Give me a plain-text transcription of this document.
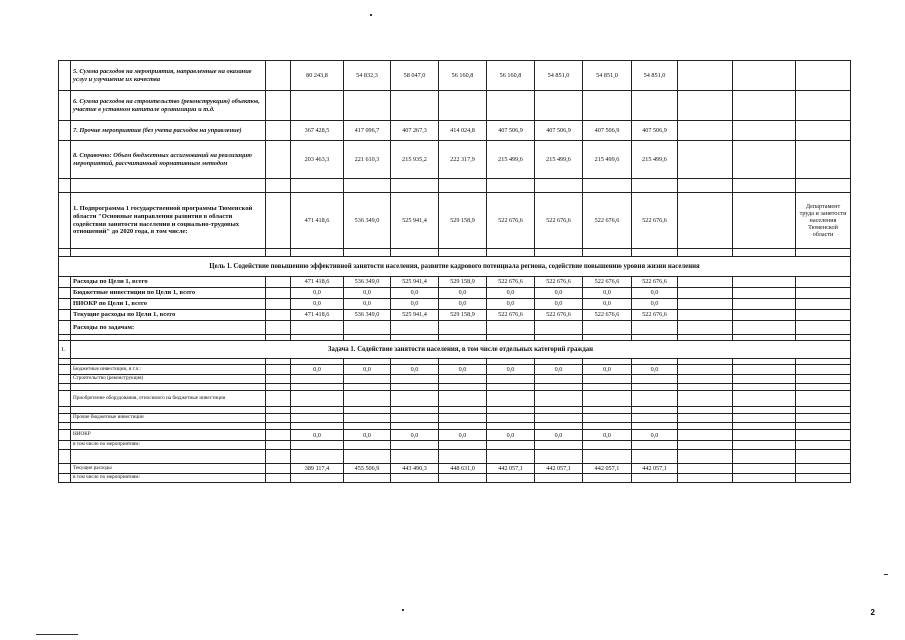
	5. Сумма расходов на мероприятия, направленные на оказание услуг и улучшение их качества		80 243,8	54 832,3	58 047,0	56 160,8	56 160,8	54 851,0	54 851,0	54 851,0			
	6. Сумма расходов на строительство (реконструкцию) объектов, участие в уставном капитале организации и т.д.												
	7. Прочие мероприятия (без учета расходов на управление)		367 428,5	417 096,7	407 267,3	414 024,8	407 506,9	407 506,9	407 506,9	407 506,9			
	8. Справочно: Объем бюджетных ассигнований на реализацию мероприятий, рассчитанный нормативным методом		203 463,3	221 610,3	215 935,2	222 317,9	215 499,6	215 499,6	215 499,6	215 499,6			

	1. Подпрограмма 1 государственной программы Тюменской области "Основные направления развития в области содействия занятости населения и социально-трудовых отношений" до 2020 года, в том числе:		471 418,6	536 349,0	525 941,4	529 158,9	522 676,6	522 676,6	522 676,6	522 676,6			Департамент труда и занятости населения Тюменской области

Цель 1. Содействие повышению эффективной занятости населения, развитие кадрового потенциала региона, содействие повышению уровня жизни населения													
	Расходы по Цели 1, всего		471 418,6	536 349,0	525 941,4	529 158,9	522 676,6	522 676,6	522 676,6	522 676,6			
	Бюджетные инвестиции по Цели 1, всего		0,0	0,0	0,0	0,0	0,0	0,0	0,0	0,0			
	НИОКР по Цели 1, всего		0,0	0,0	0,0	0,0	0,0	0,0	0,0	0,0			
	Текущие расходы по Цели 1, всего		471 418,6	536 349,0	525 941,4	529 158,9	522 676,6	522 676,6	522 676,6	522 676,6			
	Расходы по задачам:												

1.	Задача 1. Содействие занятости населения, в том числе отдельных категорий граждан												

	Бюджетные инвестиции, в т.ч.:		0,0	0,0	0,0	0,0	0,0	0,0	0,0	0,0			
	Строительство (реконструкция)												

	Приобретение оборудования, относимого на бюджетные инвестиции												

	Прочие бюджетные инвестиции												

	НИОКР		0,0	0,0	0,0	0,0	0,0	0,0	0,0	0,0			
	в том числе по мероприятиям:												

	Текущие расходы		389 117,4	455 506,9	443 490,3	448 631,0	442 057,1	442 057,1	442 057,1	442 057,1			
	в том числе по мероприятиям:												
2
